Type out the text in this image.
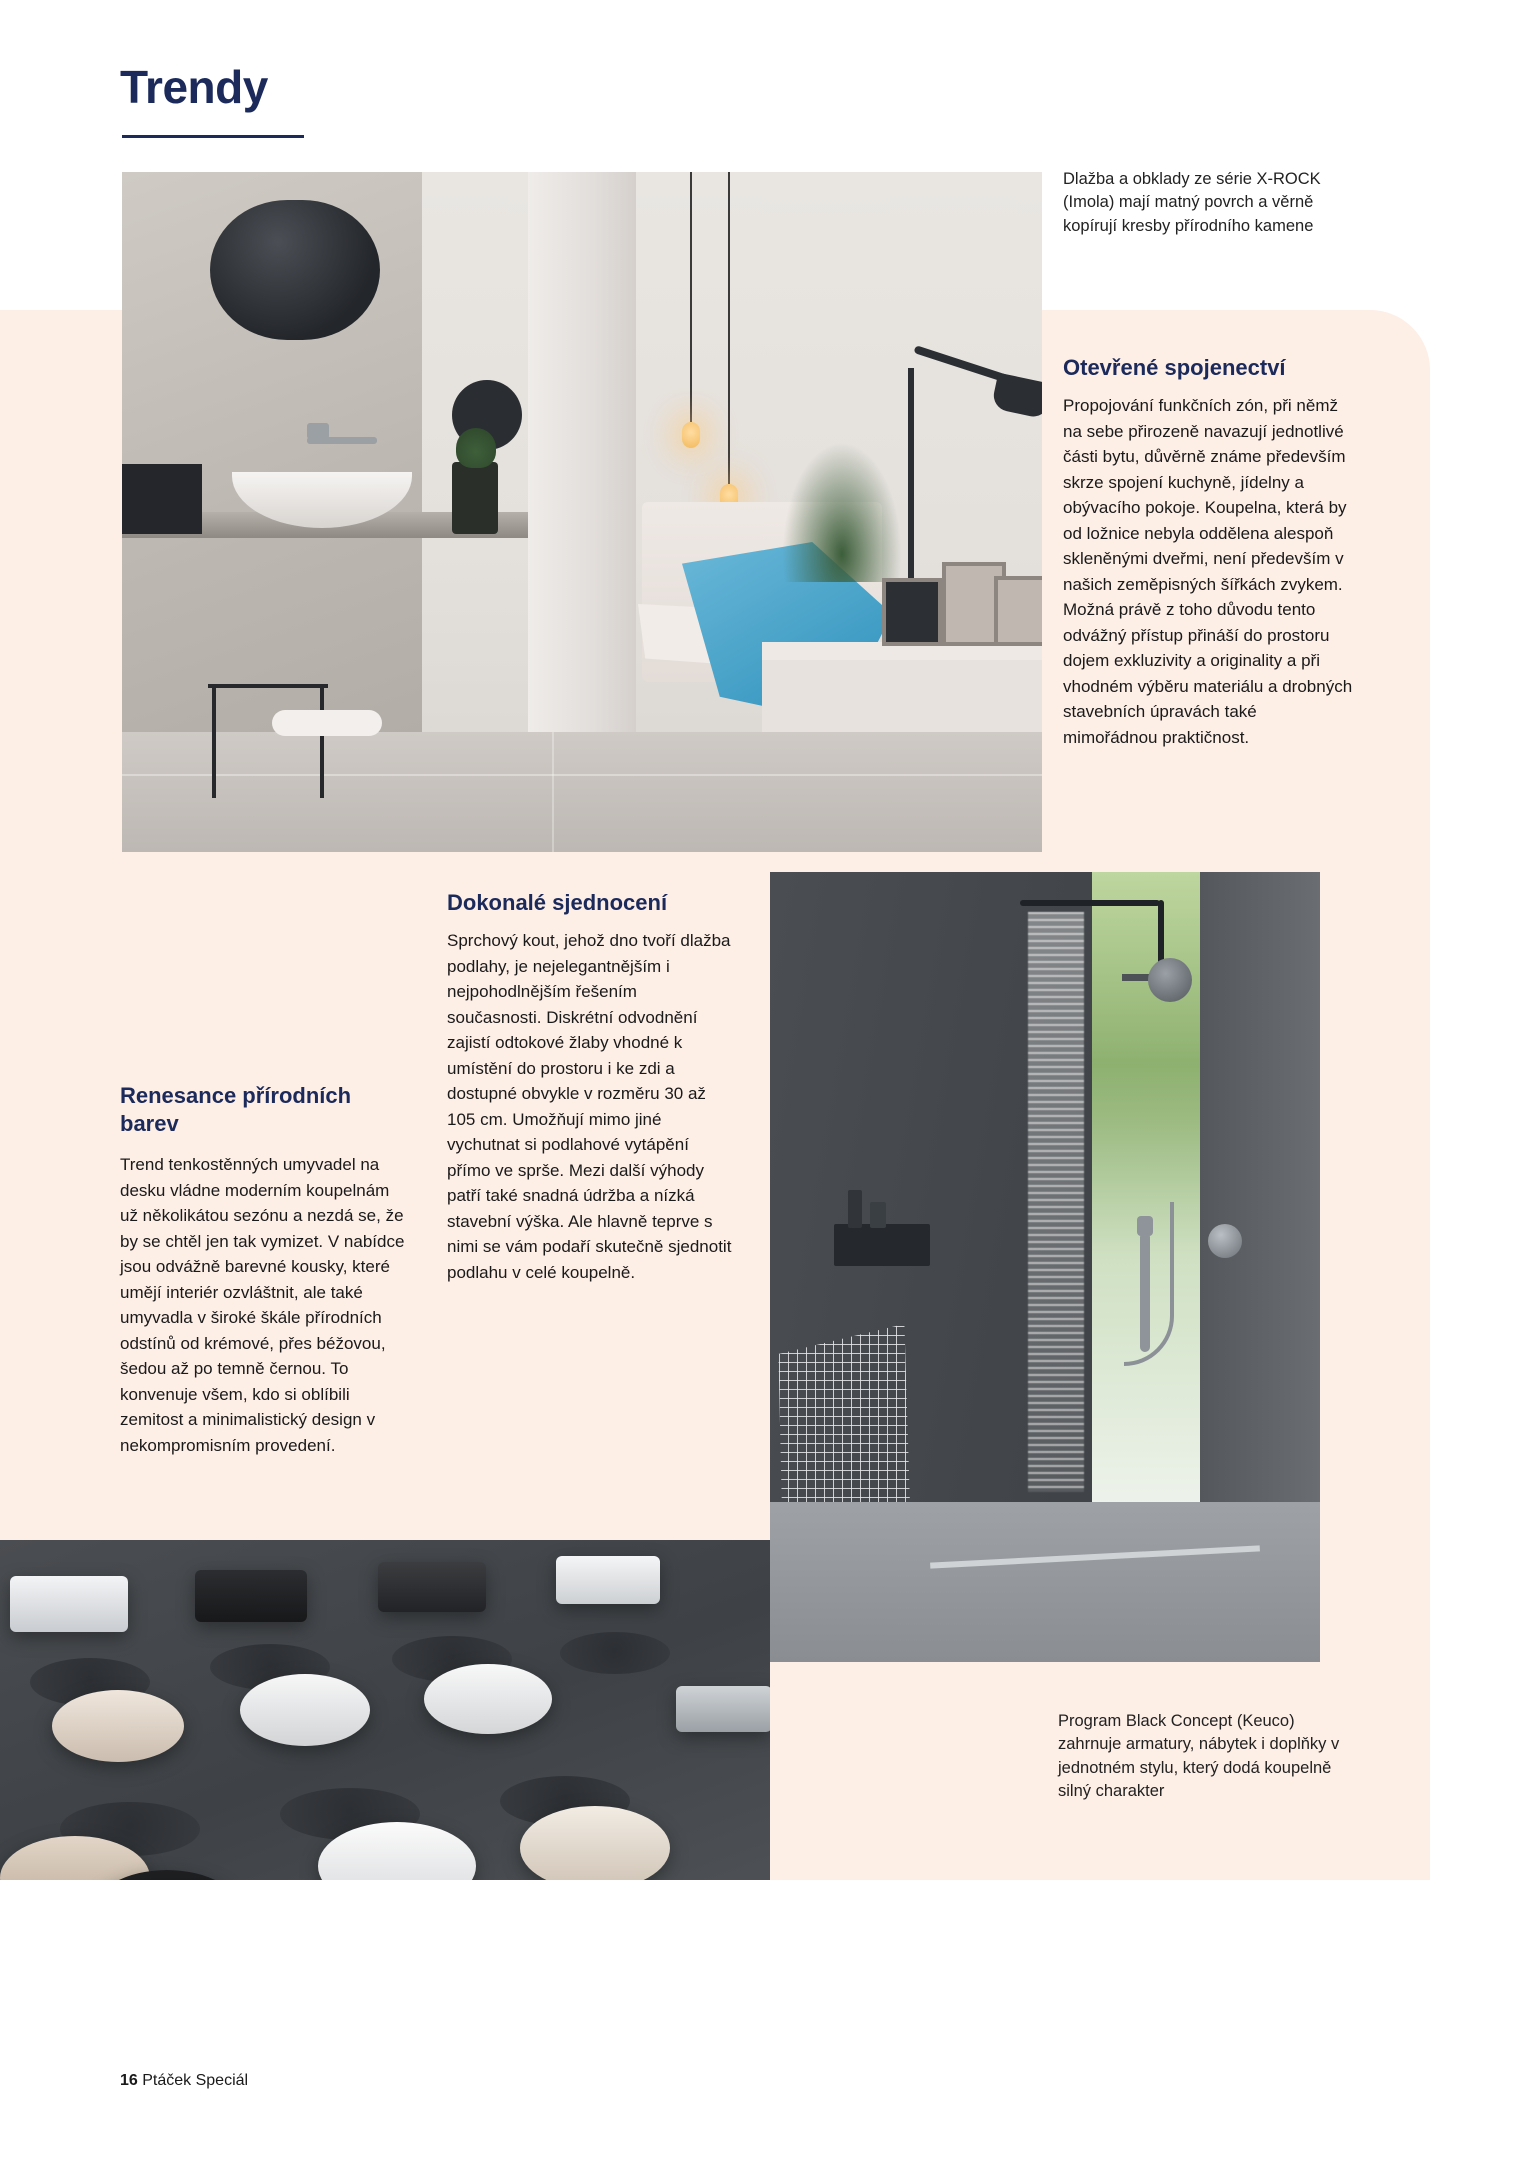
Trendy
Dlažba a obklady ze série X-ROCK (Imola) mají matný povrch a věrně kopírují kresby přírodního kamene
Otevřené spojenectví
Propojování funkčních zón, při němž na sebe přirozeně navazují jednotlivé části bytu, důvěrně známe především skrze spojení kuchyně, jídelny a obývacího pokoje. Koupelna, která by od ložnice nebyla oddělena alespoň skleněnými dveřmi, není především v našich zeměpisných šířkách zvykem. Možná právě z toho důvodu tento odvážný přístup přináší do prostoru dojem exkluzivity a originality a při vhodném výběru materiálu a drobných stavebních úpravách také mimořádnou praktičnost.
Dokonalé sjednocení
Sprchový kout, jehož dno tvoří dlažba podlahy, je nejelegantnějším i nejpohodlnějším řešením současnosti. Diskrétní odvodnění zajistí odtokové žlaby vhodné k umístění do prostoru i ke zdi a dostupné obvykle v rozměru 30 až 105 cm. Umožňují mimo jiné vychutnat si podlahové vytápění přímo ve sprše. Mezi další výhody patří také snadná údržba a nízká stavební výška. Ale hlavně teprve s nimi se vám podaří skutečně sjednotit podlahu v celé koupelně.
Renesance přírodních barev
Trend tenkostěnných umyvadel na desku vládne moderním koupelnám už několikátou sezónu a nezdá se, že by se chtěl jen tak vymizet. V nabídce jsou odvážně barevné kousky, které umějí interiér ozvláštnit, ale také umyvadla v široké škále přírodních odstínů od krémové, přes béžovou, šedou až po temně černou. To konvenuje všem, kdo si oblíbili zemitost a minimalistický design v nekompromisním provedení.
Program Black Concept (Keuco) zahrnuje armatury, nábytek i doplňky v jednotném stylu, který dodá koupelně silný charakter
16 Ptáček Speciál
